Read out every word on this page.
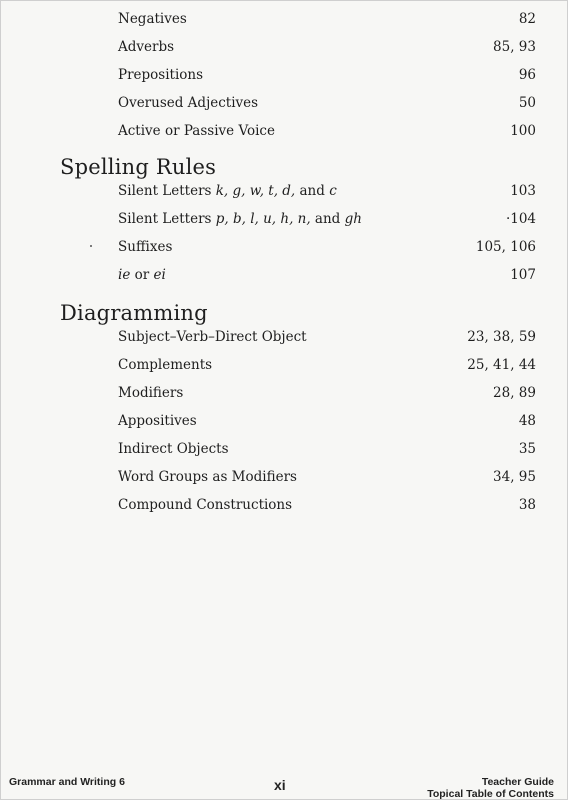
Negatives	82
Adverbs	85, 93
Prepositions	96
Overused Adjectives	50
Active or Passive Voice	100
Spelling Rules
Silent Letters k, g, w, t, d, and c	103
Silent Letters p, b, l, u, h, n, and gh	·104
Suffixes	105, 106
ie or ei	107
Diagramming
Subject–Verb–Direct Object	23, 38, 59
Complements	25, 41, 44
Modifiers	28, 89
Appositives	48
Indirect Objects	35
Word Groups as Modifiers	34, 95
Compound Constructions	38
Grammar and Writing 6	xi	Teacher Guide
Topical Table of Contents
